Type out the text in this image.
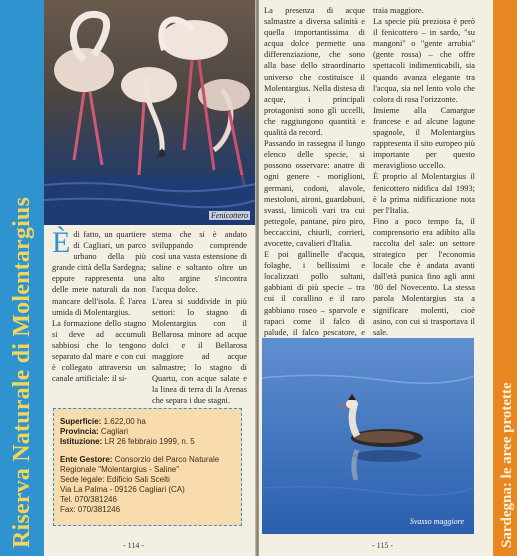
Riserva Naturale di Molentargius	Fenicottero
È di fatto, un quartiere di Cagliari, un parco urbano della più grande città della Sardegna; eppure rappresenta una delle mete naturali da non mancare dell'isola. È l'area umida di Molentargius.

La formazione dello stagno si deve ad accumuli sabbiosi che lo tengono separato dal mare e con cui è collegato attraverso un canale artificiale: il si-

stema che si è andato sviluppando comprende così una vasta estensione di saline e soltanto oltre un alto argine s'incontra l'acqua dolce.

L'area si suddivide in più settori: lo stagno di Molentargius con il Bellarosa minore ad acque dolci e il Bellarosa maggiore ad acque salmastre; lo stagno di Quartu, con acque salate e la linea di terra di la Arenas che separa i due stagni.

Superficie: 1.622,00 ha
Provincia: Cagliari
Istituzione: LR 26 febbraio 1999, n. 5
Ente Gestore: Consorzio del Parco Naturale
Regionale "Molentargius - Saline"
Sede legale: Edificio Sali Scelti
Via La Palma - 09126 Cagliari (CA)
Tel. 070/381246
Fax: 070/381246
- 114 -

La presenza di acque salmastre a diversa salinità e quella importantissima di acqua dolce permette una differenziazione, che sono alla base dello straordinario universo che costituisce il Molentargius. Nella distesa di acque, i principali protagonisti sono gli uccelli, che raggiungono quantità e qualità da record.

Passando in rassegna il lungo elenco delle specie, si possono osservare: anatre di ogni genere - moriglioni, germani, codoni, alavole, mestoloni, aironi, guardabuoi, svassi, limicoli vari tra cui pettegole, pantane, piro piro, beccaccini, chiurli, corrieri, avocette, cavalieri d'Italia.

E poi gallinelle d'acqua, folaghe, i bellissimi e localizzati pollo sultani, gabbiani di più specie – tra cui il corallino e il raro gabbiano roseo – sparvole e rapaci come il falco di palude, il falco pescatore, e

traia maggiore.

La specie più preziosa è però il fenicottero – in sardo, "su mangoni" o "gente arrubia" (gente rossa) – che offre spettacoli indimenticabili, sia quando avanza elegante tra l'acqua, sia nel lento volo che colora di rosa l'orizzonte.

Insieme alla Camargue francese e ad alcune lagune spagnole, il Molentargius rappresenta il sito europeo più importante per questo meraviglioso uccello.

È proprio al Molentargius il fenicottero nidifica dal 1993; è la prima nidificazione nota per l'Italia.

Fino a poco tempo fa, il comprensorio era adibito alla raccolta del sale: un settore strategico per l'economia locale che è andata avanti dall'età punica fino agli anni '80 del Novecento. La stessa parola Molentargius sta a significare molenti, cioè asino, con cui si trasportava il sale.

Svasso maggiore
- 115 -	Sardegna: le aree protette
